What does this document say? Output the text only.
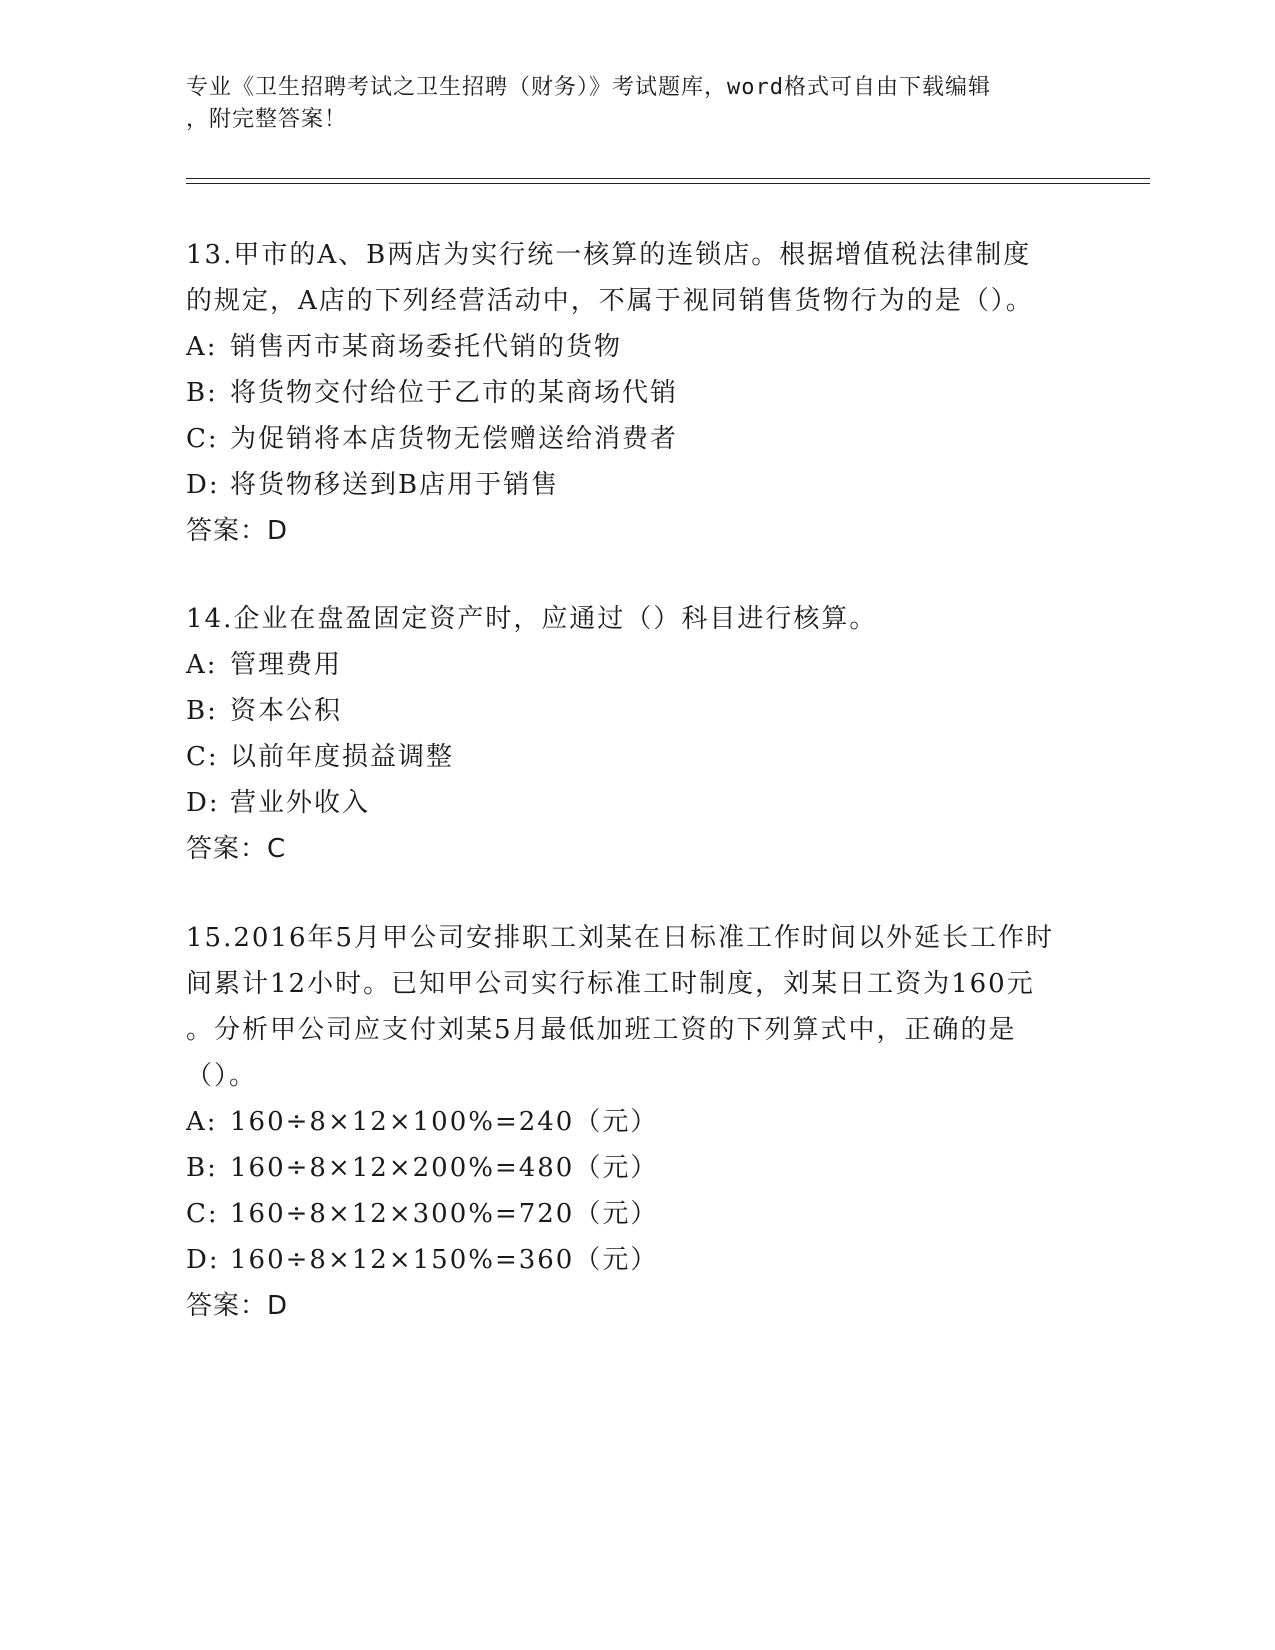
专业《卫生招聘考试之卫生招聘（财务）》考试题库，word格式可自由下载编辑
，附完整答案！
13.甲市的A、B两店为实行统一核算的连锁店。根据增值税法律制度
的规定，A店的下列经营活动中，不属于视同销售货物行为的是（）。
A: 销售丙市某商场委托代销的货物
B: 将货物交付给位于乙市的某商场代销
C: 为促销将本店货物无偿赠送给消费者
D: 将货物移送到B店用于销售
答案：D
14.企业在盘盈固定资产时，应通过（）科目进行核算。
A: 管理费用
B: 资本公积
C: 以前年度损益调整
D: 营业外收入
答案：C
15.2016年5月甲公司安排职工刘某在日标准工作时间以外延长工作时
间累计12小时。已知甲公司实行标准工时制度，刘某日工资为160元
。分析甲公司应支付刘某5月最低加班工资的下列算式中，正确的是
（）。
A: 160÷8×12×100%=240（元）
B: 160÷8×12×200%=480（元）
C: 160÷8×12×300%=720（元）
D: 160÷8×12×150%=360（元）
答案：D
